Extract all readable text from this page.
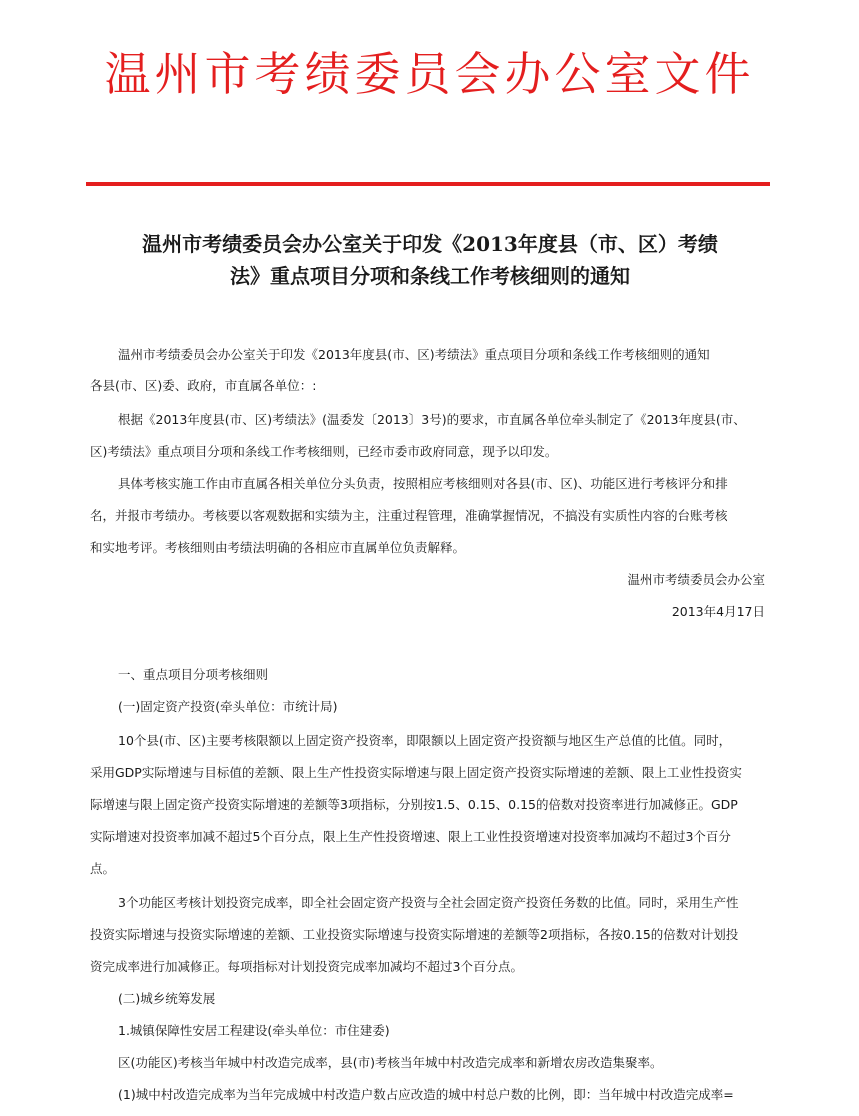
温州市考绩委员会办公室文件
温州市考绩委员会办公室关于印发《2013年度县（市、区）考绩
法》重点项目分项和条线工作考核细则的通知
温州市考绩委员会办公室关于印发《2013年度县(市、区)考绩法》重点项目分项和条线工作考核细则的通知
各县(市、区)委、政府，市直属各单位：:
根据《2013年度县(市、区)考绩法》(温委发〔2013〕3号)的要求，市直属各单位牵头制定了《2013年度县(市、
区)考绩法》重点项目分项和条线工作考核细则，已经市委市政府同意，现予以印发。
具体考核实施工作由市直属各相关单位分头负责，按照相应考核细则对各县(市、区)、功能区进行考核评分和排
名，并报市考绩办。考核要以客观数据和实绩为主，注重过程管理，准确掌握情况，不搞没有实质性内容的台账考核
和实地考评。考核细则由考绩法明确的各相应市直属单位负责解释。
温州市考绩委员会办公室
2013年4月17日
一、重点项目分项考核细则
(一)固定资产投资(牵头单位：市统计局)
10个县(市、区)主要考核限额以上固定资产投资率，即限额以上固定资产投资额与地区生产总值的比值。同时，
采用GDP实际增速与目标值的差额、限上生产性投资实际增速与限上固定资产投资实际增速的差额、限上工业性投资实
际增速与限上固定资产投资实际增速的差额等3项指标，分别按1.5、0.15、0.15的倍数对投资率进行加减修正。GDP
实际增速对投资率加减不超过5个百分点，限上生产性投资增速、限上工业性投资增速对投资率加减均不超过3个百分
点。
3个功能区考核计划投资完成率，即全社会固定资产投资与全社会固定资产投资任务数的比值。同时，采用生产性
投资实际增速与投资实际增速的差额、工业投资实际增速与投资实际增速的差额等2项指标，各按0.15的倍数对计划投
资完成率进行加减修正。每项指标对计划投资完成率加减均不超过3个百分点。
(二)城乡统筹发展
1.城镇保障性安居工程建设(牵头单位：市住建委)
区(功能区)考核当年城中村改造完成率，县(市)考核当年城中村改造完成率和新增农房改造集聚率。
(1)城中村改造完成率为当年完成城中村改造户数占应改造的城中村总户数的比例，即：当年城中村改造完成率=
